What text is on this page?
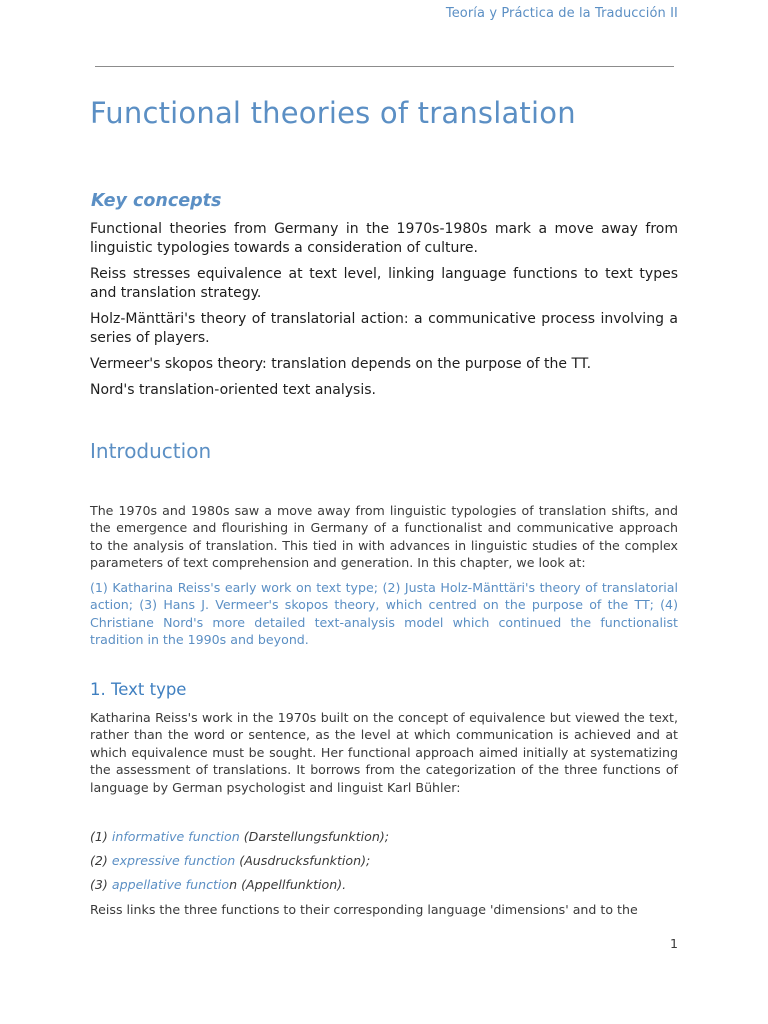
Teoría y Práctica de la Traducción II
Functional theories of translation
Key concepts

Functional theories from Germany in the 1970s-1980s mark a move away from linguistic typologies towards a consideration of culture.

Reiss stresses equivalence at text level, linking language functions to text types and translation strategy.

Holz-Mänttäri's theory of translatorial action: a communicative process involving a series of players.

Vermeer's skopos theory: translation depends on the purpose of the TT.

Nord's translation-oriented text analysis.

Introduction

The 1970s and 1980s saw a move away from linguistic typologies of translation shifts, and the emergence and flourishing in Germany of a functionalist and communicative approach to the analysis of translation. This tied in with advances in linguistic studies of the complex parameters of text comprehension and generation. In this chapter, we look at:

(1) Katharina Reiss's early work on text type; (2) Justa Holz-Mänttäri's theory of translatorial action; (3) Hans J. Vermeer's skopos theory, which centred on the purpose of the TT; (4) Christiane Nord's more detailed text-analysis model which continued the functionalist tradition in the 1990s and beyond.

1. Text type

Katharina Reiss's work in the 1970s built on the concept of equivalence but viewed the text, rather than the word or sentence, as the level at which communication is achieved and at which equivalence must be sought. Her functional approach aimed initially at systematizing the assessment of translations. It borrows from the categorization of the three functions of language by German psychologist and linguist Karl Bühler:

(1) informative function (Darstellungsfunktion);

(2) expressive function (Ausdrucksfunktion);

(3) appellative function (Appellfunktion).

Reiss links the three functions to their corresponding language 'dimensions' and to the

1
